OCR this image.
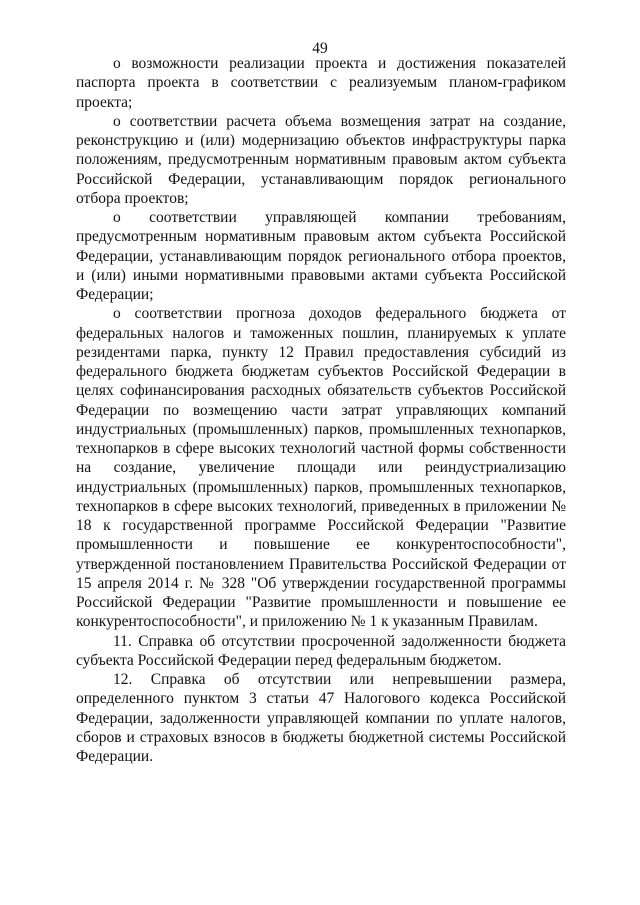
49

о возможности реализации проекта и достижения показателей паспорта проекта в соответствии с реализуемым планом-графиком проекта;

о соответствии расчета объема возмещения затрат на создание, реконструкцию и (или) модернизацию объектов инфраструктуры парка положениям, предусмотренным нормативным правовым актом субъекта Российской Федерации, устанавливающим порядок регионального отбора проектов;

о соответствии управляющей компании требованиям, предусмотренным нормативным правовым актом субъекта Российской Федерации, устанавливающим порядок регионального отбора проектов, и (или) иными нормативными правовыми актами субъекта Российской Федерации;

о соответствии прогноза доходов федерального бюджета от федеральных налогов и таможенных пошлин, планируемых к уплате резидентами парка, пункту 12 Правил предоставления субсидий из федерального бюджета бюджетам субъектов Российской Федерации в целях софинансирования расходных обязательств субъектов Российской Федерации по возмещению части затрат управляющих компаний индустриальных (промышленных) парков, промышленных технопарков, технопарков в сфере высоких технологий частной формы собственности на создание, увеличение площади или реиндустриализацию индустриальных (промышленных) парков, промышленных технопарков, технопарков в сфере высоких технологий, приведенных в приложении № 18 к государственной программе Российской Федерации "Развитие промышленности и повышение ее конкурентоспособности", утвержденной постановлением Правительства Российской Федерации от 15 апреля 2014 г. № 328 "Об утверждении государственной программы Российской Федерации "Развитие промышленности и повышение ее конкурентоспособности", и приложению № 1 к указанным Правилам.

11. Справка об отсутствии просроченной задолженности бюджета субъекта Российской Федерации перед федеральным бюджетом.

12. Справка об отсутствии или непревышении размера, определенного пунктом 3 статьи 47 Налогового кодекса Российской Федерации, задолженности управляющей компании по уплате налогов, сборов и страховых взносов в бюджеты бюджетной системы Российской Федерации.
